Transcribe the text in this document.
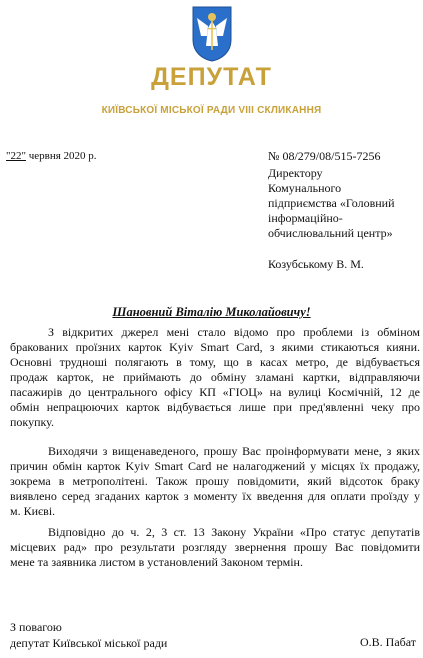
ДЕПУТАТ
КИЇВСЬКОЇ МІСЬКОЇ РАДИ VIII СКЛИКАННЯ
"22" червня 2020 р.	№ 08/279/08/515-7256
Директору
Комунального
підприємства «Головний
інформаційно-
обчислювальний центр»
Козубському В. М.
Шановний Віталію Миколайовичу!
З відкритих джерел мені стало відомо про проблеми із обміном
бракованих проїзних карток Kyiv Smart Card, з якими стикаються кияни.
Основні трудноші полягають в тому, що в касах метро, де відбувається
продаж карток, не приймають до обміну зламані картки, відправляючи
пасажирів до центрального офісу КП «ГІОЦ» на вулиці Космічній, 12 де
обмін непрацюючих карток відбувається лише при пред'явленні чеку про
покупку.
Виходячи з вищенаведеного, прошу Вас проінформувати мене, з яких
причин обмін карток Kyiv Smart Card не налагоджений у місцях їх продажу,
зокрема в метрополітені. Також прошу повідомити, який відсоток браку
виявлено серед згаданих карток з моменту їх введення для оплати проїзду у
м. Києві.
Відповідно до ч. 2, 3 ст. 13 Закону України «Про статус депутатів
місцевих рад» про результати розгляду звернення прошу Вас повідомити
мене та заявника листом в установлений Законом термін.
З повагою
депутат Київської міської ради	О.В. Пабат
